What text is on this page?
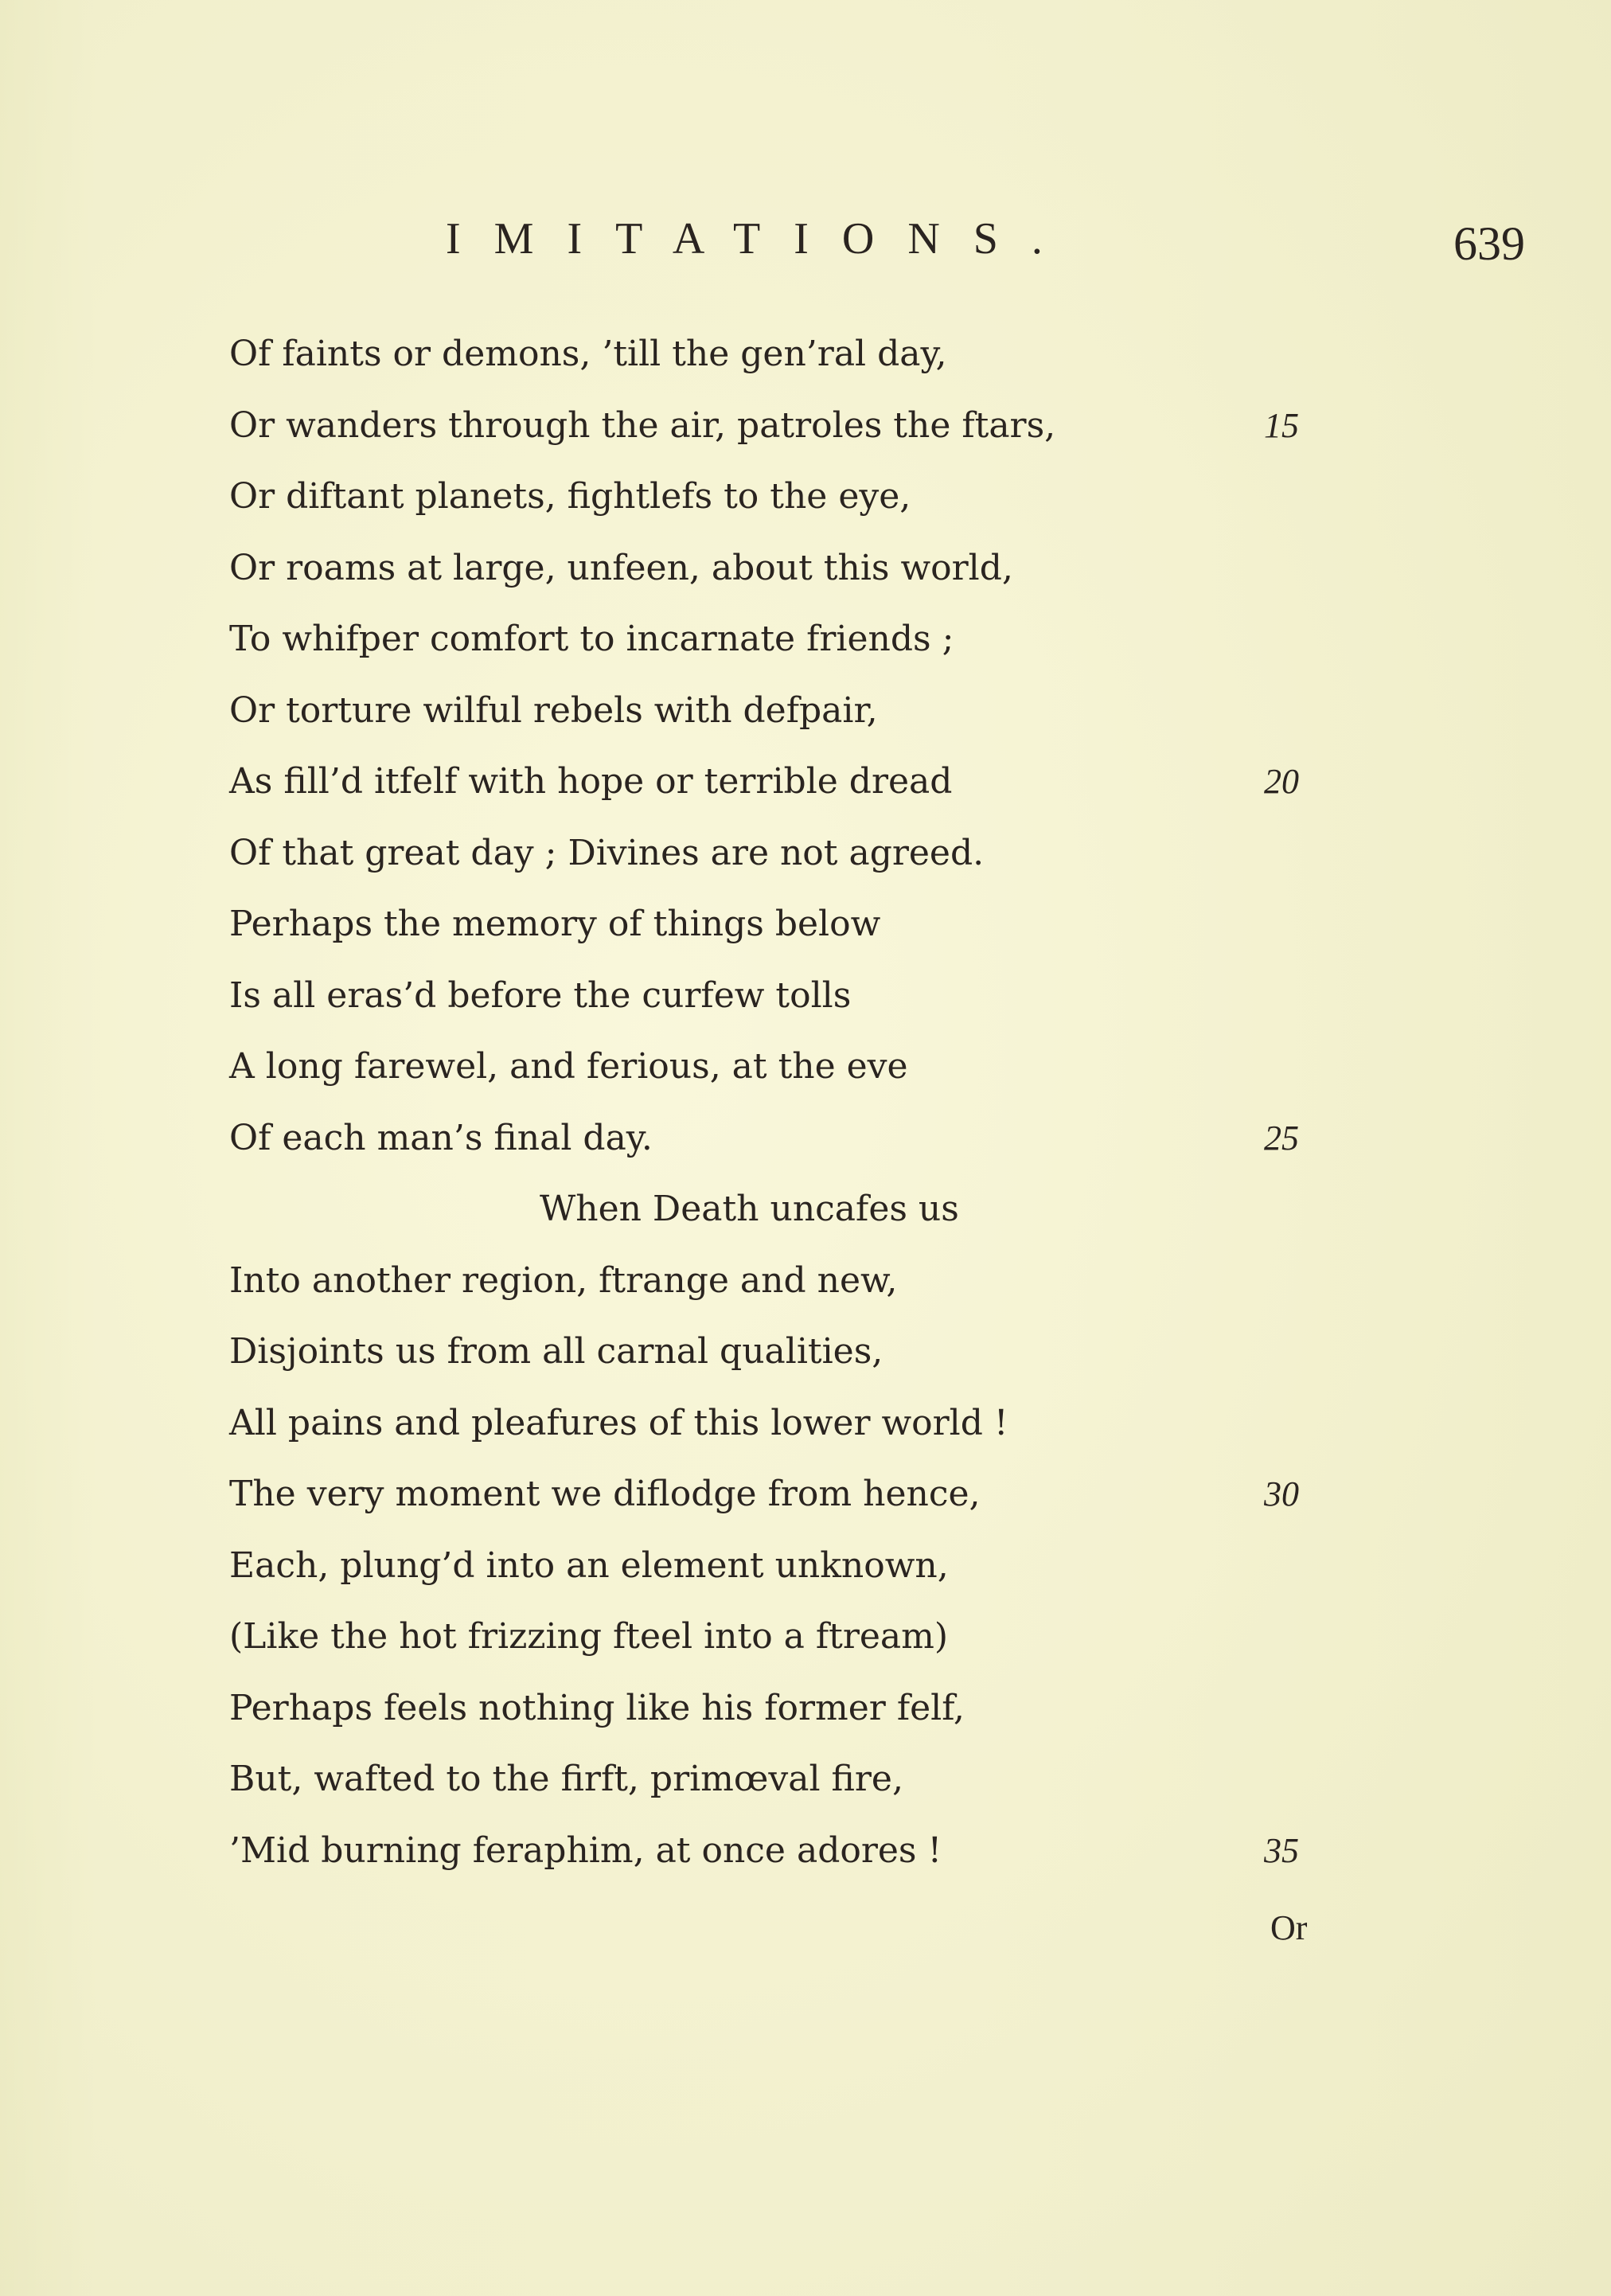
IMITATIONS.	639
Of faints or demons, ’till the gen’ral day,
Or wanders through the air, patroles the ftars,	15
Or diftant planets, fightlefs to the eye,
Or roams at large, unfeen, about this world,
To whifper comfort to incarnate friends ;
Or torture wilful rebels with defpair,
As fill’d itfelf with hope or terrible dread	20
Of that great day ; Divines are not agreed.
Perhaps the memory of things below
Is all eras’d before the curfew tolls
A long farewel, and ferious, at the eve
Of each man’s final day.	25
When Death uncafes us
Into another region, ftrange and new,
Disjoints us from all carnal qualities,
All pains and pleafures of this lower world !
The very moment we diflodge from hence,	30
Each, plung’d into an element unknown,
(Like the hot frizzing fteel into a ftream)
Perhaps feels nothing like his former felf,
But, wafted to the firft, primœval fire,
’Mid burning feraphim, at once adores !	35
Or
